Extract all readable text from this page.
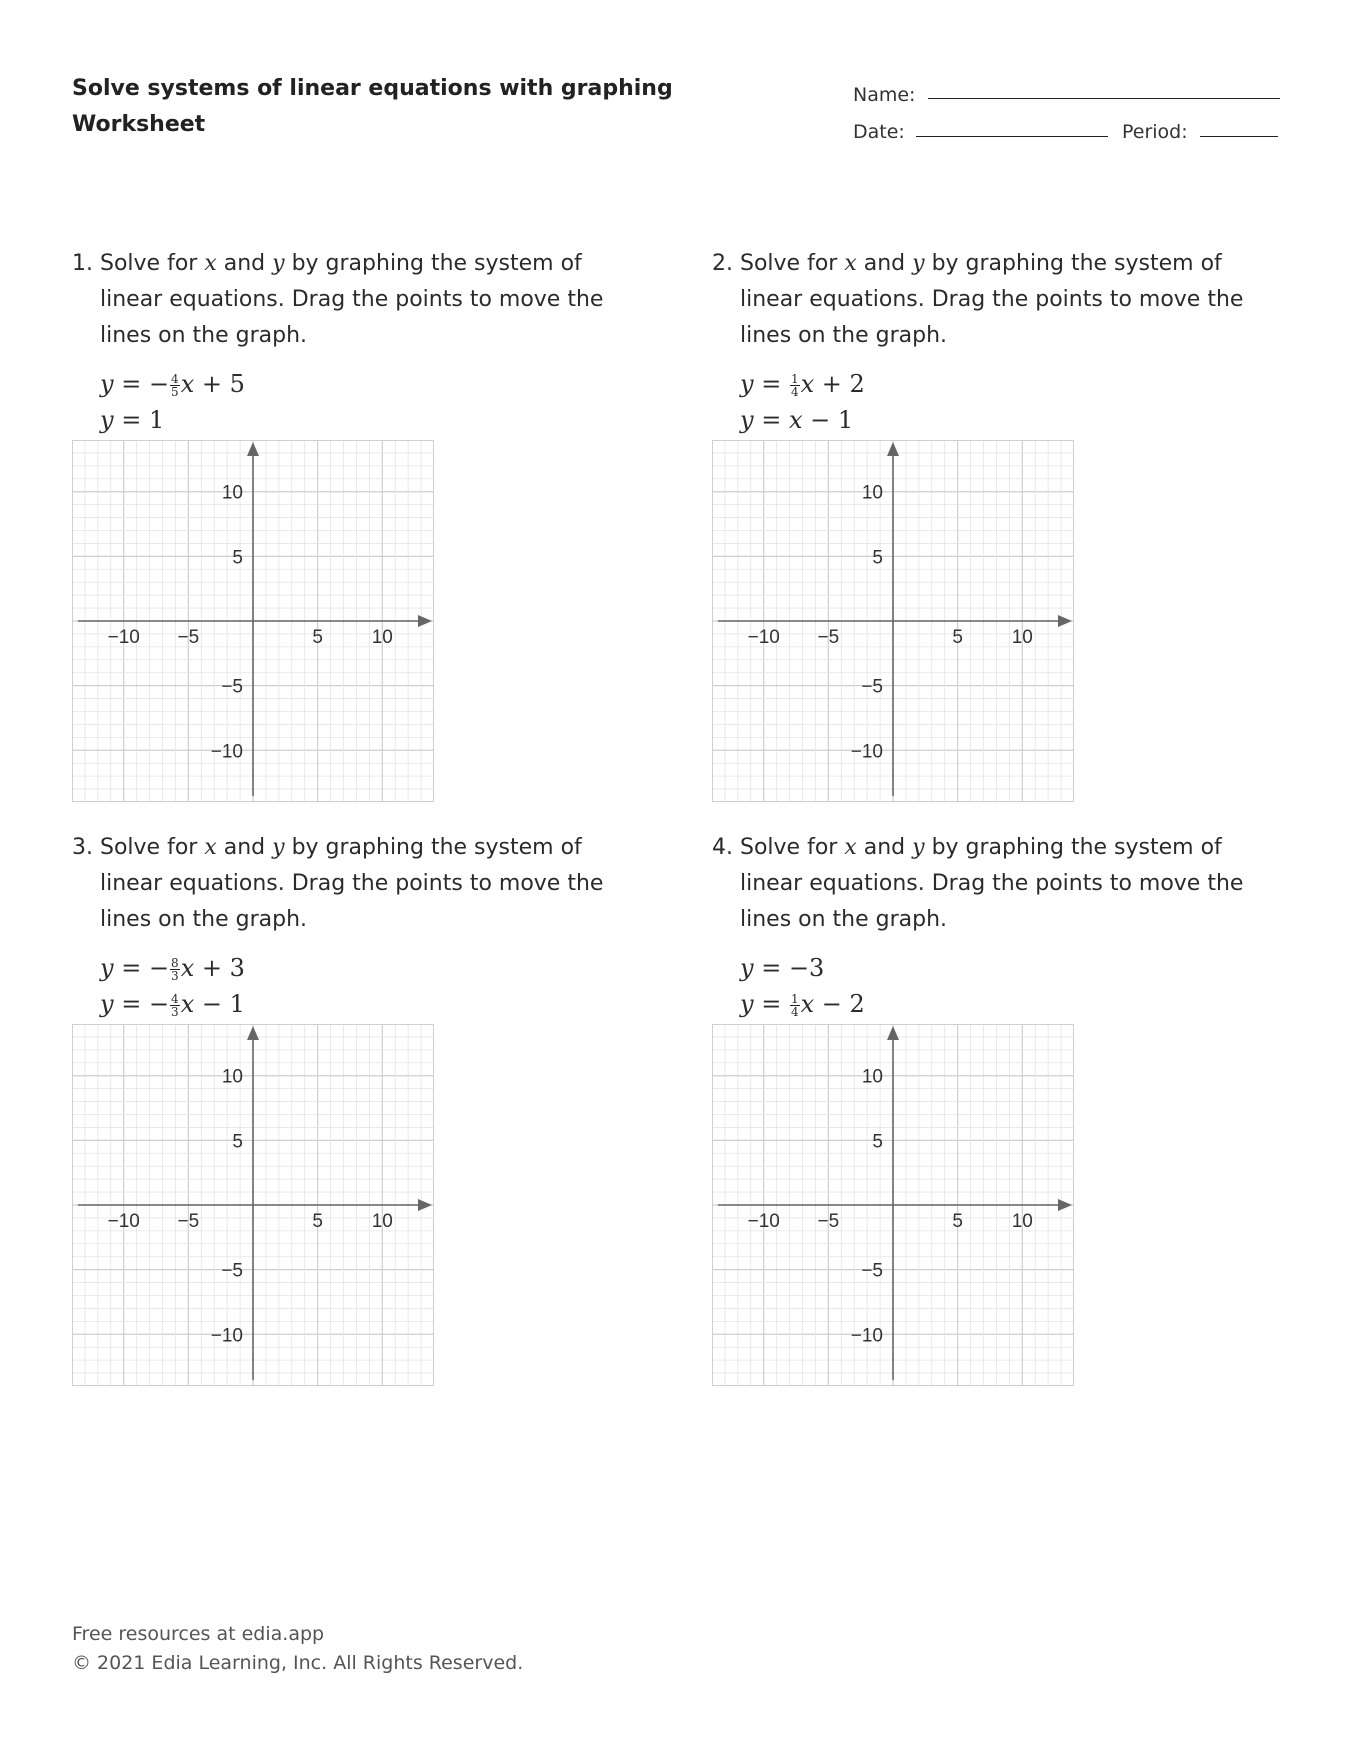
Solve systems of linear equations with graphing
Worksheet
Name:
Date:	Period:

1. Solve for x and y by graphing the system of linear equations. Drag the points to move the lines on the graph.

y = − $\frac{4}{5}$ x + 5
y = 1
−10 −5	5	10
10
5
−5
−10

2. Solve for x and y by graphing the system of linear equations. Drag the points to move the lines on the graph.

$y = \frac{1}{4}$ x + 2
y = x − 1
−10 −5	5	10
10
5
−5
−10

3. Solve for x and y by graphing the system of linear equations. Drag the points to move the lines on the graph.

y = − $\frac{8}{3}$ x + 3
y = − $\frac{4}{3}$ x − 1
−10 −5	5	10
10
5
−5
−10

4. Solve for x and y by graphing the system of linear equations. Drag the points to move the lines on the graph.

y = −3
$y = \frac{1}{4}$ x − 2
−10 −5	5	10
10
5
−5
−10
Free resources at edia.app
© 2021 Edia Learning, Inc. All Rights Reserved.
